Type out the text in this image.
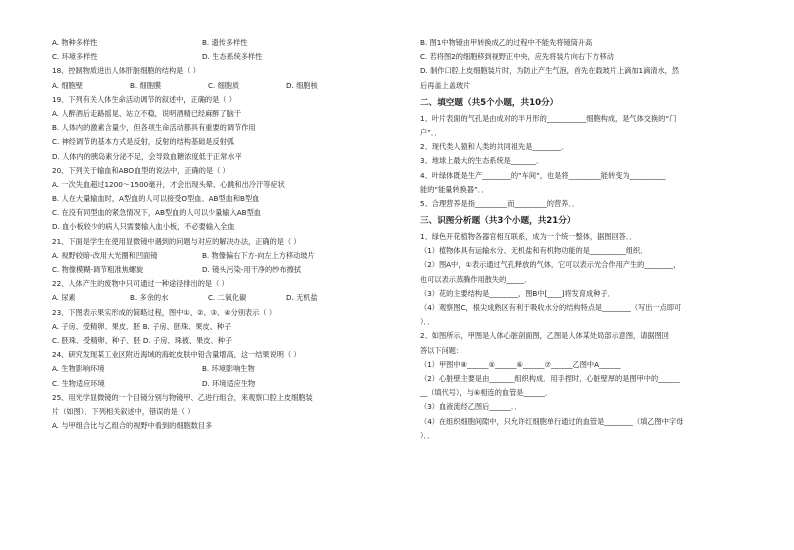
A. 物种多样性	B. 遗传多样性
C. 环境多样性	D. 生态系统多样性
18、控制物质进出人体肝脏细胞的结构是（ ）
A. 细胞壁	B. 细胞膜	C. 细胞质	D. 细胞核
19、下列有关人体生命活动调节的叙述中，正确的是（ ）
A. 人醉酒后走路摇晃、站立不稳，说明酒精已经麻醉了脑干
B. 人体内的激素含量少，但各项生命活动都具有重要的调节作用
C. 神经调节的基本方式是反射，反射的结构基础是反射弧
D. 人体内的胰岛素分泌不足，会导致血糖浓度低于正常水平
20、下列关于输血和ABO血型的说法中，正确的是（ ）
A. 一次失血超过1200～1500毫升，才会出现头晕、心跳和出冷汗等症状
B. 人在大量输血时，A型血的人可以接受O型血、AB型血和B型血
C. 在没有同型血的紧急情况下，AB型血的人可以少量输入AB型血
D. 血小板较少的病人只需要输入血小板，不必要输入全血
21、下面是学生在使用显微镜中遇到的问题与对应的解决办法，正确的是（ ）
A. 视野较暗-改用大光圈和凹面镜	B. 物像偏右下方-向左上方移动玻片
C. 物像模糊-调节粗准焦螺旋	D. 镜头污染-用干净的纱布擦拭
22、人体产生的废物中只可通过一种途径排出的是（ ）
A. 尿素	B. 多余的水	C. 二氧化碳	D. 无机盐
23、下图表示果实形成的简略过程，图中①、②、③、④分别表示（ ）
A. 子房、受精卵、果皮、胚 B. 子房、胚珠、果皮、种子
C. 胚珠、受精卵、种子、胚 D. 子房、珠被、果皮、种子
24、研究发现某工业区附近海域的海蛇皮肤中铅含量增高，这一结果说明（ ）
A. 生物影响环境	B. 环境影响生物
C. 生物适应环境	D. 环境适应生物
25、用光学显微镜的一个目镜分别与物镜甲、乙进行组合，来观察口腔上皮细胞装
片（如图）．下列相关叙述中，错误的是（ ）
A. 与甲组合比与乙组合的视野中看到的细胞数目多
B. 图1中物镜由甲转换成乙的过程中不能先将镜筒升高
C. 若将图2的细胞移到视野正中央，应先将装片向右下方移动
D. 制作口腔上皮细胞装片时，为防止产生气泡，首先在载玻片上滴加1滴清水，然
后再盖上盖玻片
二、填空题（共5个小题，共10分）
1、叶片表面的气孔是由成对的半月形的___________细胞构成，是气体交换的“门
户”．．
2、现代类人猿和人类的共同祖先是________．
3、地球上最大的生态系统是_______．
4、叶绿体既是生产________的“车间”，也是将_________能转变为__________
能的“能量转换器”．．
5、合理营养是指_________而_________的营养．．
三、识图分析题（共3个小题，共21分）
1、绿色开花植物各器官相互联系，成为一个统一整体，据图回答．．
（1）植物体具有运输水分、无机盐和有机物功能的是__________组织．
（2）图A中，①表示通过气孔释放的气体，它可以表示光合作用产生的________，
也可以表示蒸腾作用散失的_____．
（3）花的主要结构是________，图B中[____]将发育成种子．
（4）观察图C，根尖成熟区有利于吸收水分的结构特点是________（写出一点即可
）．．
2、如图所示，甲图是人体心脏剖面图，乙图是人体某处局部示意图，请据图回
答以下问题：
（1）甲图中⑧______⑤______⑥______⑦______乙图中A______
（2）心脏壁主要是由_______组织构成．用手捏时，心脏壁厚的是图甲中的______
__（填代号），与⑥相连的血管是______．
（3）血液流经乙图后______．．
（4）在组织细胞间隙中，只允许红细胞单行通过的血管是________（填乙图中字母
）．．
